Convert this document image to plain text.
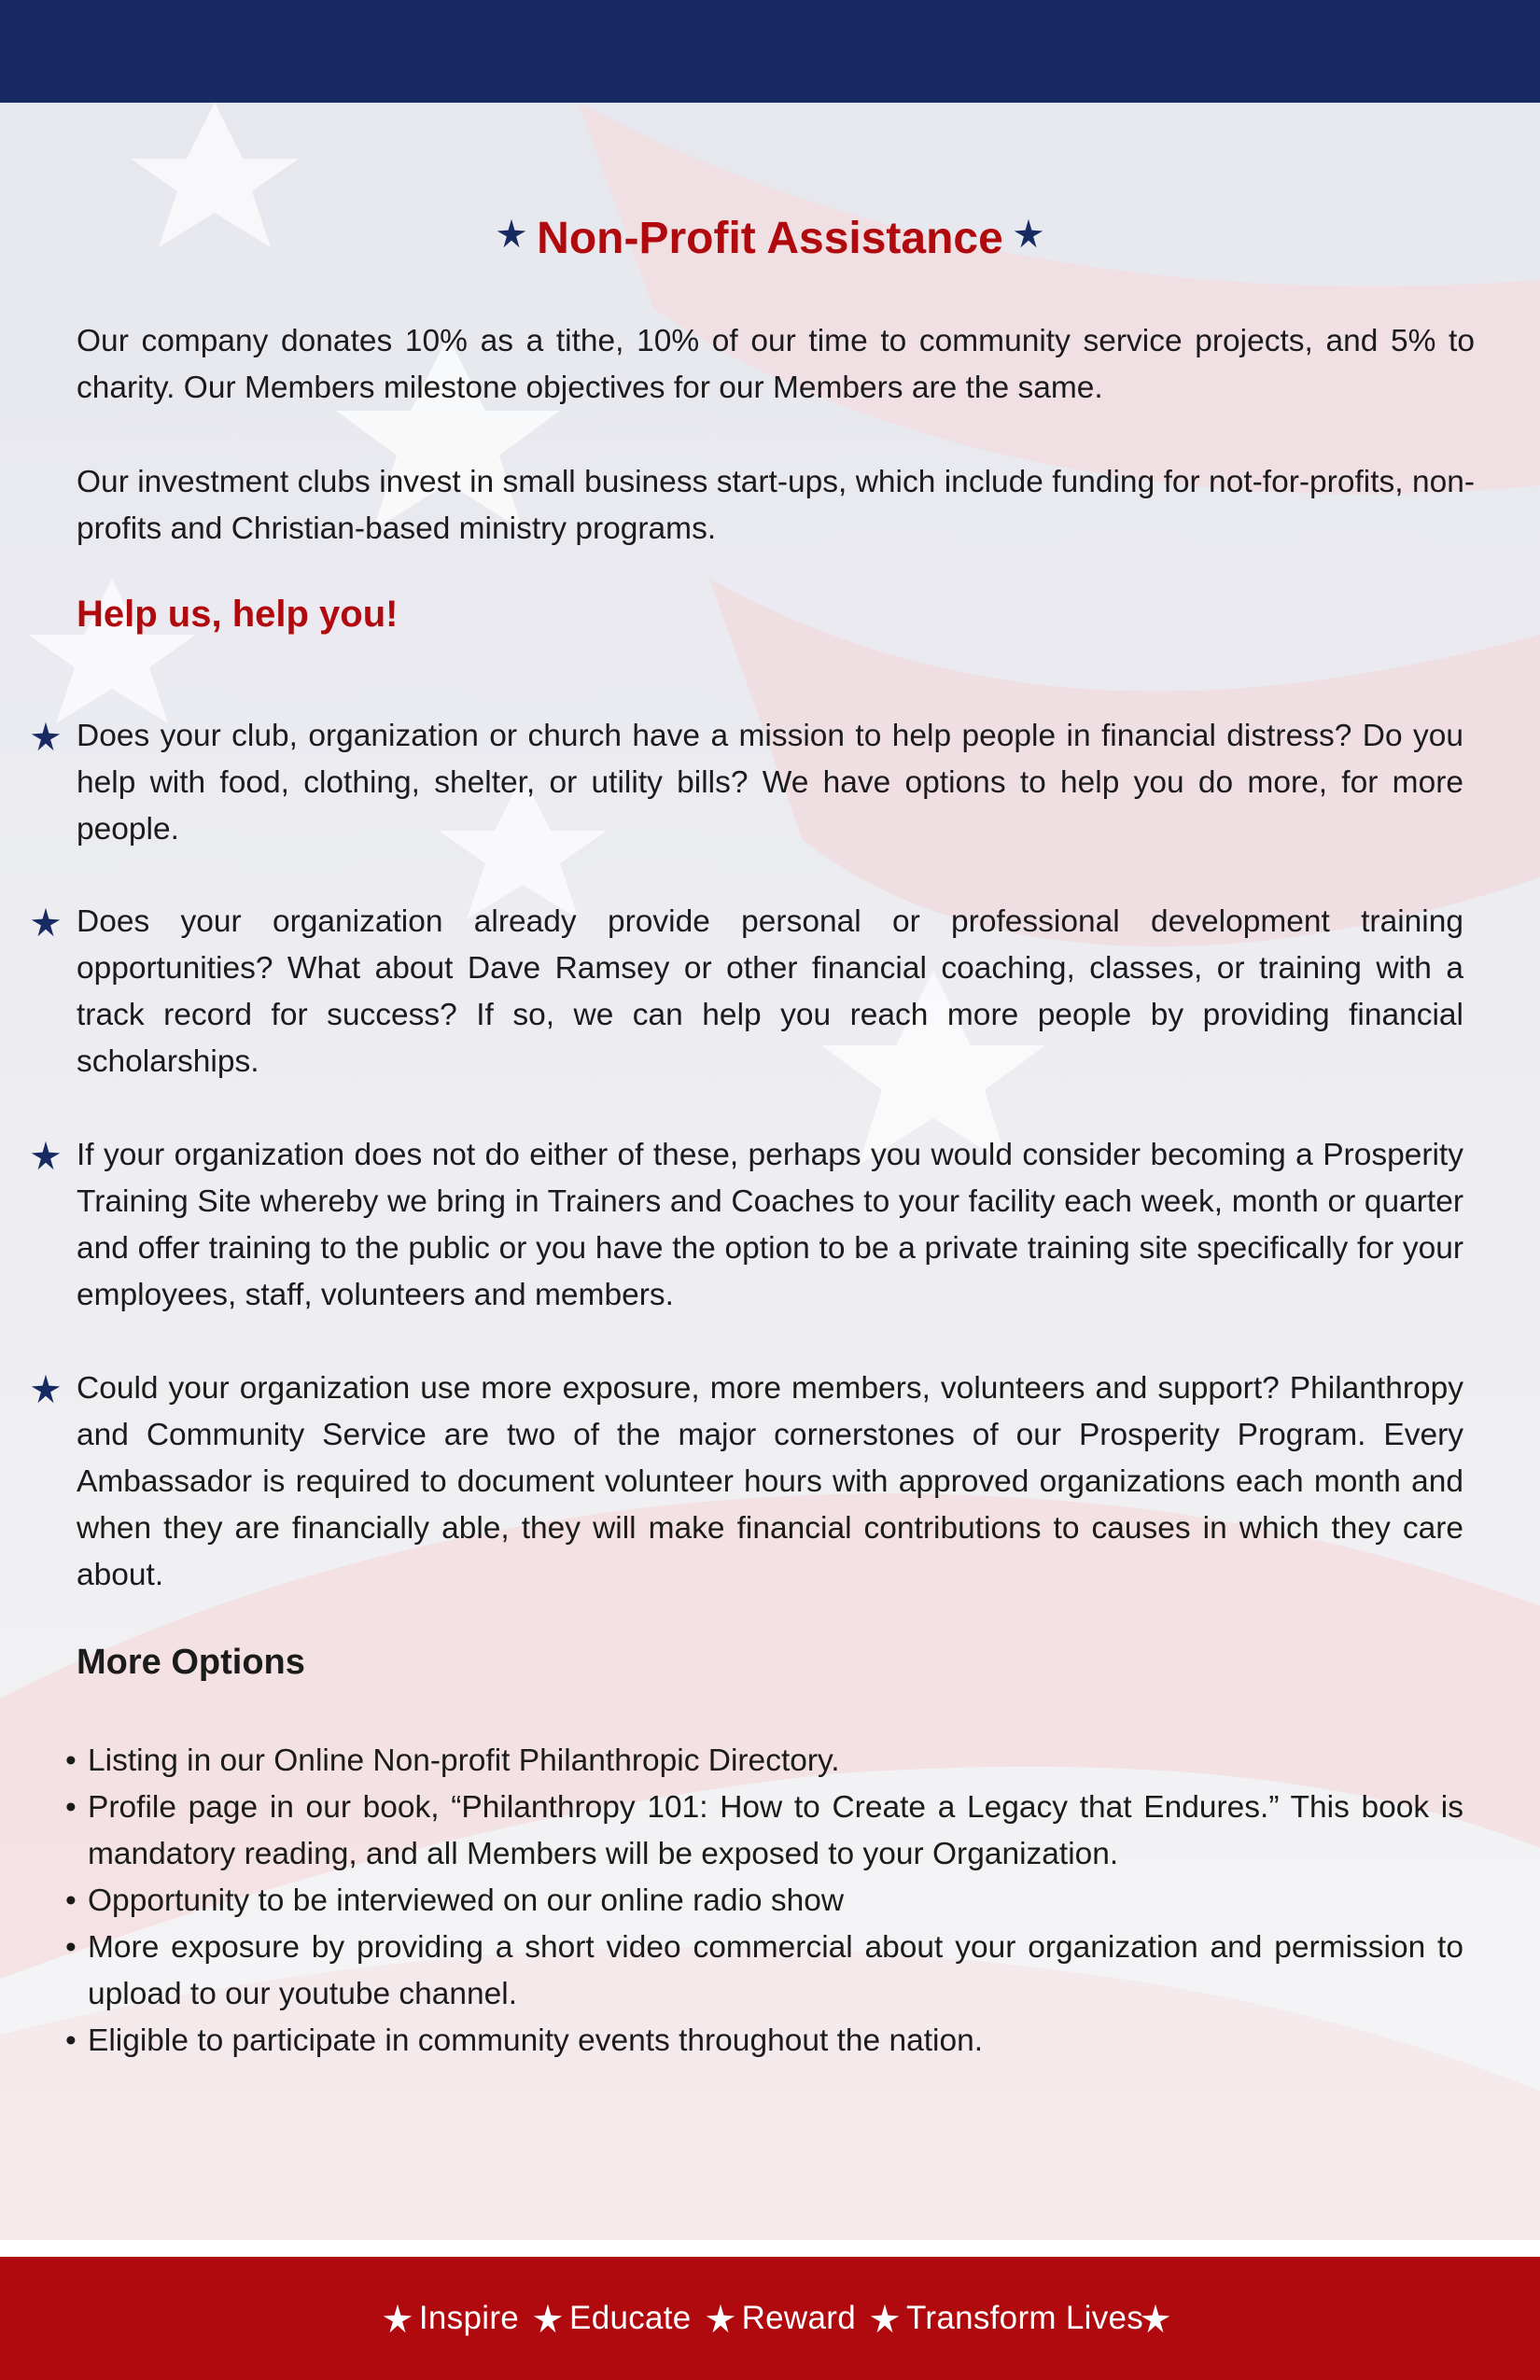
Non-Profit Assistance

Our company donates 10% as a tithe, 10% of our time to community service projects, and 5% to charity. Our Members milestone objectives for our Members are the same.

Our investment clubs invest in small business start-ups, which include funding for not-for-profits, non-profits and Christian-based ministry programs.

Help us, help you!

Does your club, organization or church have a mission to help people in financial distress? Do you help with food, clothing, shelter, or utility bills? We have options to help you do more, for more people.

Does your organization already provide personal or professional development training opportunities? What about Dave Ramsey or other financial coaching, classes, or training with a track record for success? If so, we can help you reach more people by providing financial scholarships.

If your organization does not do either of these, perhaps you would consider becoming a Prosperity Training Site whereby we bring in Trainers and Coaches to your facility each week, month or quarter and offer training to the public or you have the option to be a private training site specifically for your employees, staff, volunteers and members.

Could your organization use more exposure, more members, volunteers and support? Philanthropy and Community Service are two of the major cornerstones of our Prosperity Program. Every Ambassador is required to document volunteer hours with approved organizations each month and when they are financially able, they will make financial contributions to causes in which they care about.

More Options
• Listing in our Online Non-profit Philanthropic Directory.
• Profile page in our book, “Philanthropy 101: How to Create a Legacy that Endures.” This book is mandatory reading, and all Members will be exposed to your Organization.
• Opportunity to be interviewed on our online radio show
• More exposure by providing a short video commercial about your organization and permission to upload to our youtube channel.
• Eligible to participate in community events throughout the nation.
Inspire Educate Reward Transform Lives
